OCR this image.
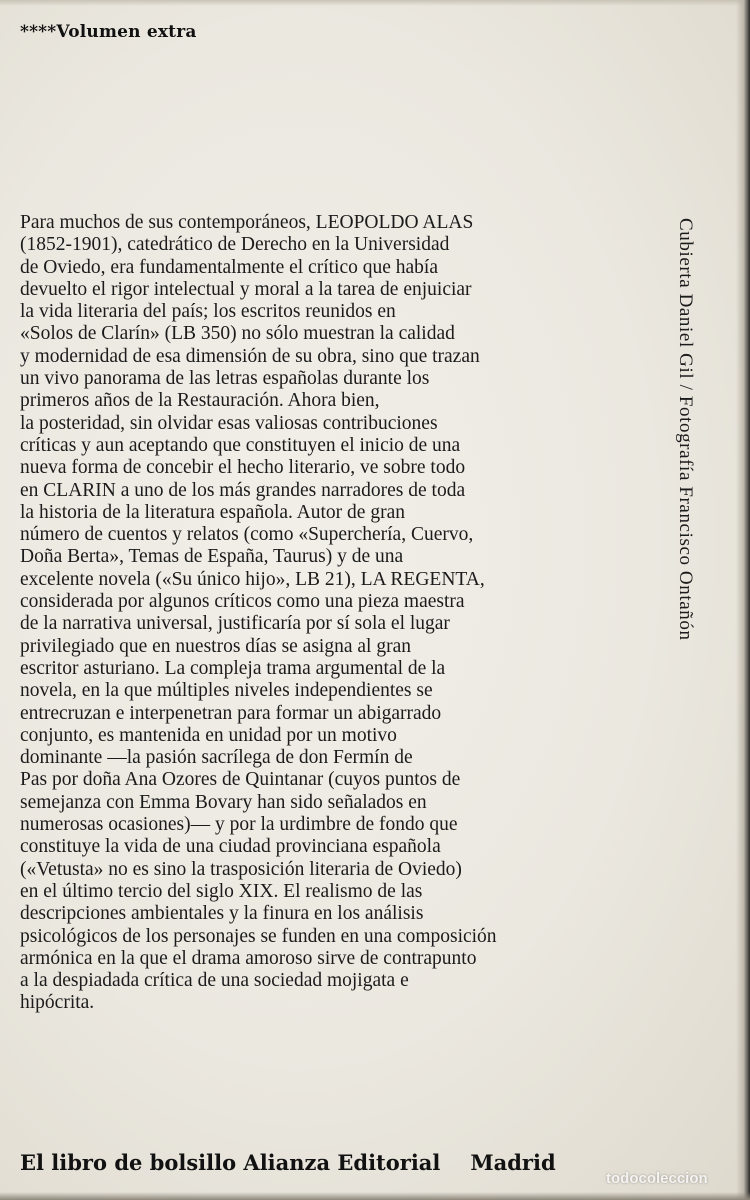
****Volumen extra
Para muchos de sus contemporáneos, LEOPOLDO ALAS
(1852-1901), catedrático de Derecho en la Universidad
de Oviedo, era fundamentalmente el crítico que había
devuelto el rigor intelectual y moral a la tarea de enjuiciar
la vida literaria del país; los escritos reunidos en
«Solos de Clarín» (LB 350) no sólo muestran la calidad
y modernidad de esa dimensión de su obra, sino que trazan
un vivo panorama de las letras españolas durante los
primeros años de la Restauración. Ahora bien,
la posteridad, sin olvidar esas valiosas contribuciones
críticas y aun aceptando que constituyen el inicio de una
nueva forma de concebir el hecho literario, ve sobre todo
en CLARIN a uno de los más grandes narradores de toda
la historia de la literatura española. Autor de gran
número de cuentos y relatos (como «Superchería, Cuervo,
Doña Berta», Temas de España, Taurus) y de una
excelente novela («Su único hijo», LB 21), LA REGENTA,
considerada por algunos críticos como una pieza maestra
de la narrativa universal, justificaría por sí sola el lugar
privilegiado que en nuestros días se asigna al gran
escritor asturiano. La compleja trama argumental de la
novela, en la que múltiples niveles independientes se
entrecruzan e interpenetran para formar un abigarrado
conjunto, es mantenida en unidad por un motivo
dominante —la pasión sacrílega de don Fermín de
Pas por doña Ana Ozores de Quintanar (cuyos puntos de
semejanza con Emma Bovary han sido señalados en
numerosas ocasiones)— y por la urdimbre de fondo que
constituye la vida de una ciudad provinciana española
(«Vetusta» no es sino la trasposición literaria de Oviedo)
en el último tercio del siglo XIX. El realismo de las
descripciones ambientales y la finura en los análisis
psicológicos de los personajes se funden en una composición
armónica en la que el drama amoroso sirve de contrapunto
a la despiadada crítica de una sociedad mojigata e
hipócrita.
Cubierta Daniel Gil / Fotografía Francisco Ontañón
El libro de bolsillo Alianza Editorial Madrid
todocoleccion
